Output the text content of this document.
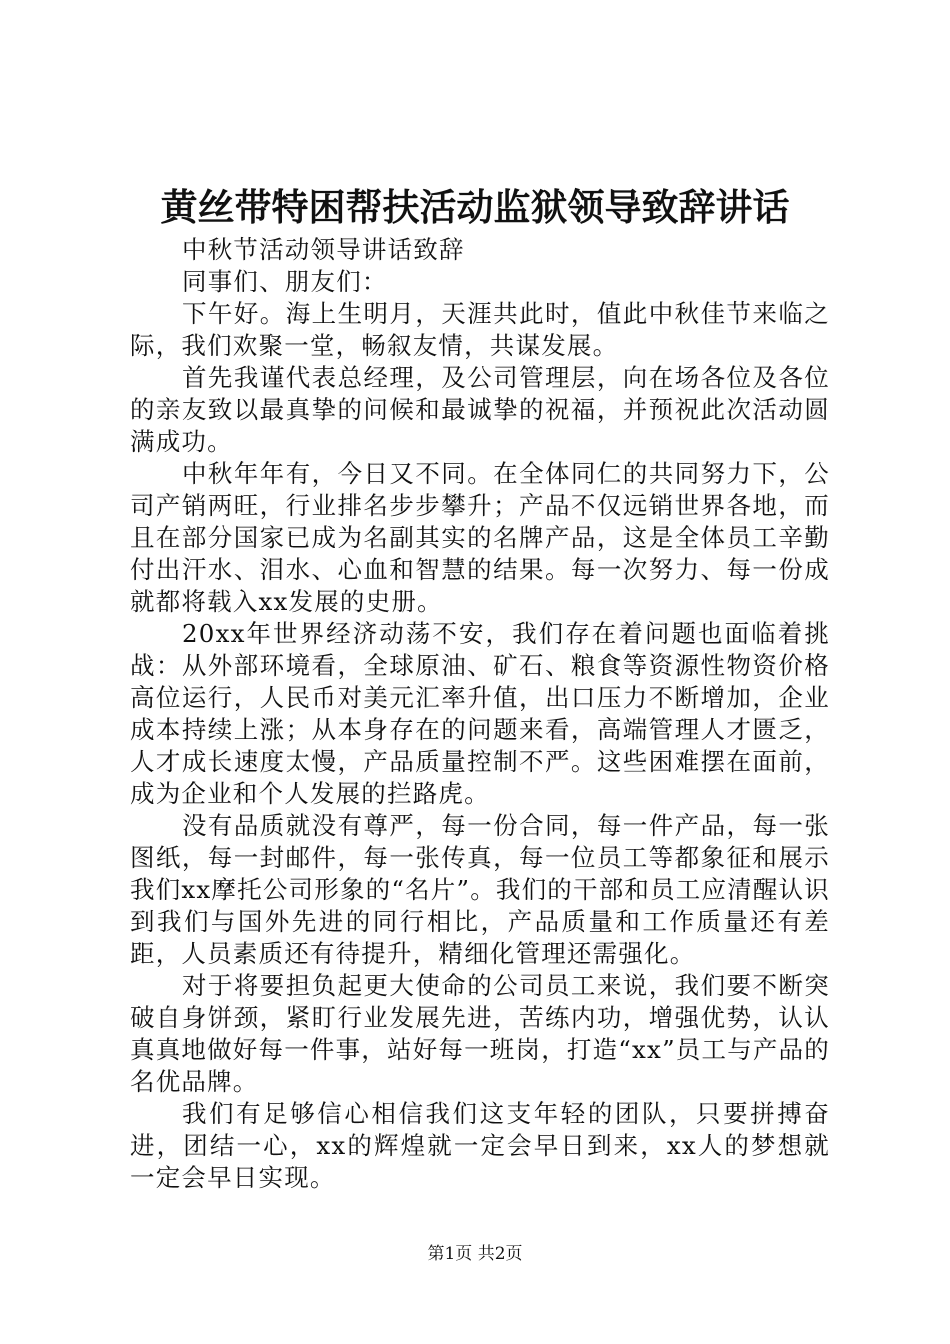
黄丝带特困帮扶活动监狱领导致辞讲话

中秋节活动领导讲话致辞

同事们、朋友们：

下午好。海上生明月，天涯共此时，值此中秋佳节来临之际，我们欢聚一堂，畅叙友情，共谋发展。

首先我谨代表总经理，及公司管理层，向在场各位及各位的亲友致以最真挚的问候和最诚挚的祝福，并预祝此次活动圆满成功。

中秋年年有，今日又不同。在全体同仁的共同努力下，公司产销两旺，行业排名步步攀升；产品不仅远销世界各地，而且在部分国家已成为名副其实的名牌产品，这是全体员工辛勤付出汗水、泪水、心血和智慧的结果。每一次努力、每一份成就都将载入xx发展的史册。

20xx年世界经济动荡不安，我们存在着问题也面临着挑战：从外部环境看，全球原油、矿石、粮食等资源性物资价格高位运行，人民币对美元汇率升值，出口压力不断增加，企业成本持续上涨；从本身存在的问题来看，高端管理人才匮乏，人才成长速度太慢，产品质量控制不严。这些困难摆在面前，成为企业和个人发展的拦路虎。

没有品质就没有尊严，每一份合同，每一件产品，每一张图纸，每一封邮件，每一张传真，每一位员工等都象征和展示我们xx摩托公司形象的“名片”。我们的干部和员工应清醒认识到我们与国外先进的同行相比，产品质量和工作质量还有差距，人员素质还有待提升，精细化管理还需强化。

对于将要担负起更大使命的公司员工来说，我们要不断突破自身饼颈，紧盯行业发展先进，苦练内功，增强优势，认认真真地做好每一件事，站好每一班岗，打造“xx”员工与产品的名优品牌。

我们有足够信心相信我们这支年轻的团队，只要拼搏奋进，团结一心，xx的辉煌就一定会早日到来，xx人的梦想就一定会早日实现。

第1页 共2页
